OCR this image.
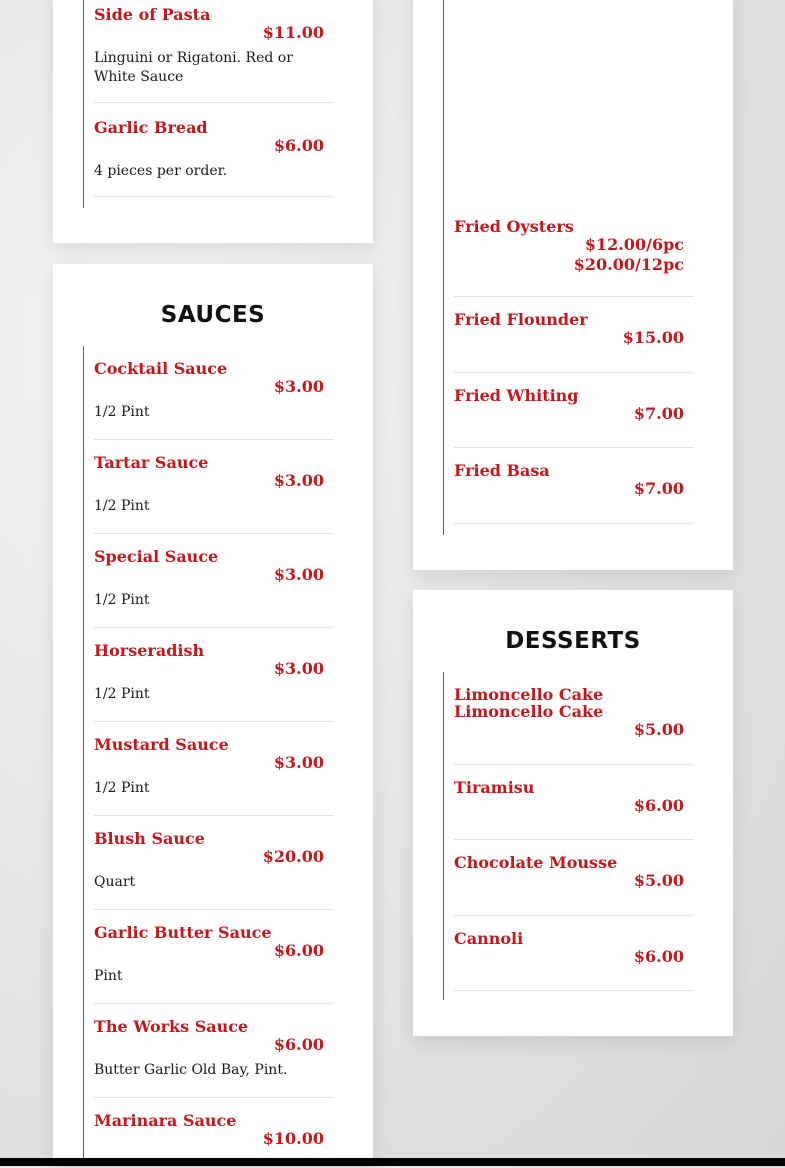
Side of Pasta
$11.00
Linguini or Rigatoni. Red or White Sauce
Garlic Bread
$6.00
4 pieces per order.
SAUCES
Cocktail Sauce
$3.00
1/2 Pint
Tartar Sauce
$3.00
1/2 Pint
Special Sauce
$3.00
1/2 Pint
Horseradish
$3.00
1/2 Pint
Mustard Sauce
$3.00
1/2 Pint
Blush Sauce
$20.00
Quart
Garlic Butter Sauce
$6.00
Pint
The Works Sauce
$6.00
Butter Garlic Old Bay, Pint.
Marinara Sauce
$10.00
Fried Oysters
$12.00/6pc
$20.00/12pc
Fried Flounder
$15.00
Fried Whiting
$7.00
Fried Basa
$7.00
DESSERTS
Limoncello Cake Limoncello Cake
$5.00
Tiramisu
$6.00
Chocolate Mousse
$5.00
Cannoli
$6.00
